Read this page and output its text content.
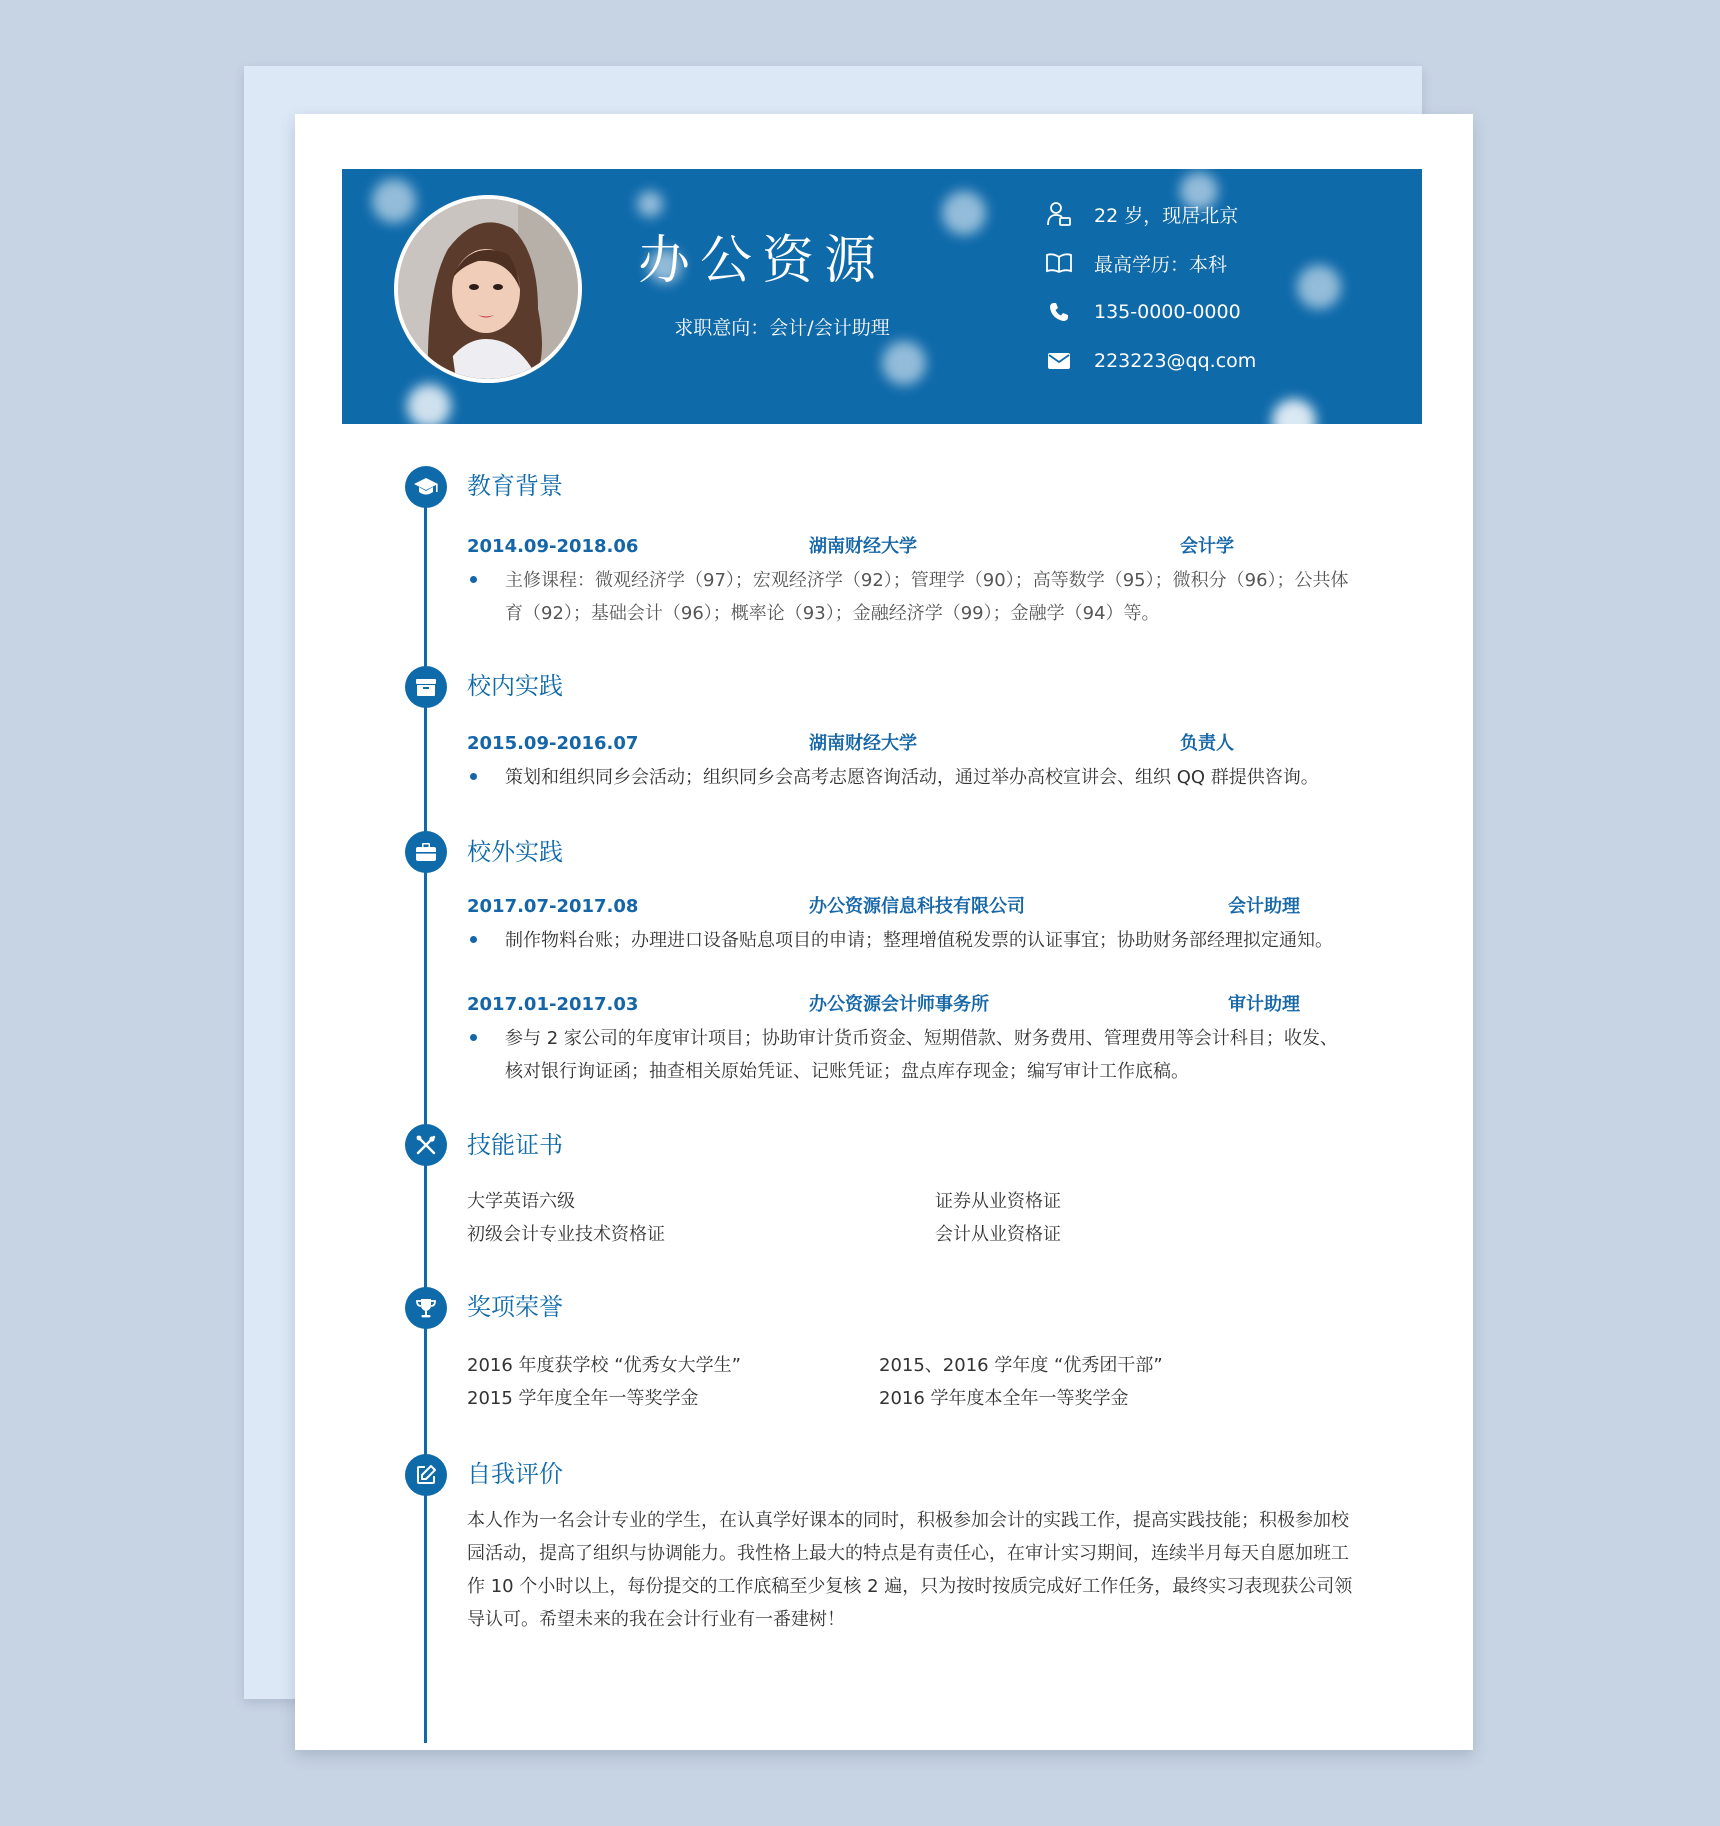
办公资源
求职意向：会计/会计助理
22 岁，现居北京
最高学历：本科
135-0000-0000
223223@qq.com
教育背景
2014.09-2018.06	湖南财经大学	会计学
主修课程：微观经济学（97）；宏观经济学（92）；管理学（90）；高等数学（95）；微积分（96）；公共体育（92）；基础会计（96）；概率论（93）；金融经济学（99）；金融学（94）等。
校内实践
2015.09-2016.07	湖南财经大学	负责人
策划和组织同乡会活动；组织同乡会高考志愿咨询活动，通过举办高校宣讲会、组织 QQ 群提供咨询。
校外实践
2017.07-2017.08	办公资源信息科技有限公司	会计助理
制作物料台账；办理进口设备贴息项目的申请；整理增值税发票的认证事宜；协助财务部经理拟定通知。
2017.01-2017.03	办公资源会计师事务所	审计助理
参与 2 家公司的年度审计项目；协助审计货币资金、短期借款、财务费用、管理费用等会计科目；收发、核对银行询证函；抽查相关原始凭证、记账凭证；盘点库存现金；编写审计工作底稿。
技能证书
大学英语六级	证券从业资格证
初级会计专业技术资格证	会计从业资格证
奖项荣誉
2016 年度获学校 “优秀女大学生”	2015、2016 学年度 “优秀团干部”
2015 学年度全年一等奖学金	2016 学年度本全年一等奖学金
自我评价
本人作为一名会计专业的学生，在认真学好课本的同时，积极参加会计的实践工作，提高实践技能；积极参加校园活动，提高了组织与协调能力。我性格上最大的特点是有责任心，在审计实习期间，连续半月每天自愿加班工作 10 个小时以上，每份提交的工作底稿至少复核 2 遍，只为按时按质完成好工作任务，最终实习表现获公司领导认可。希望未来的我在会计行业有一番建树！
